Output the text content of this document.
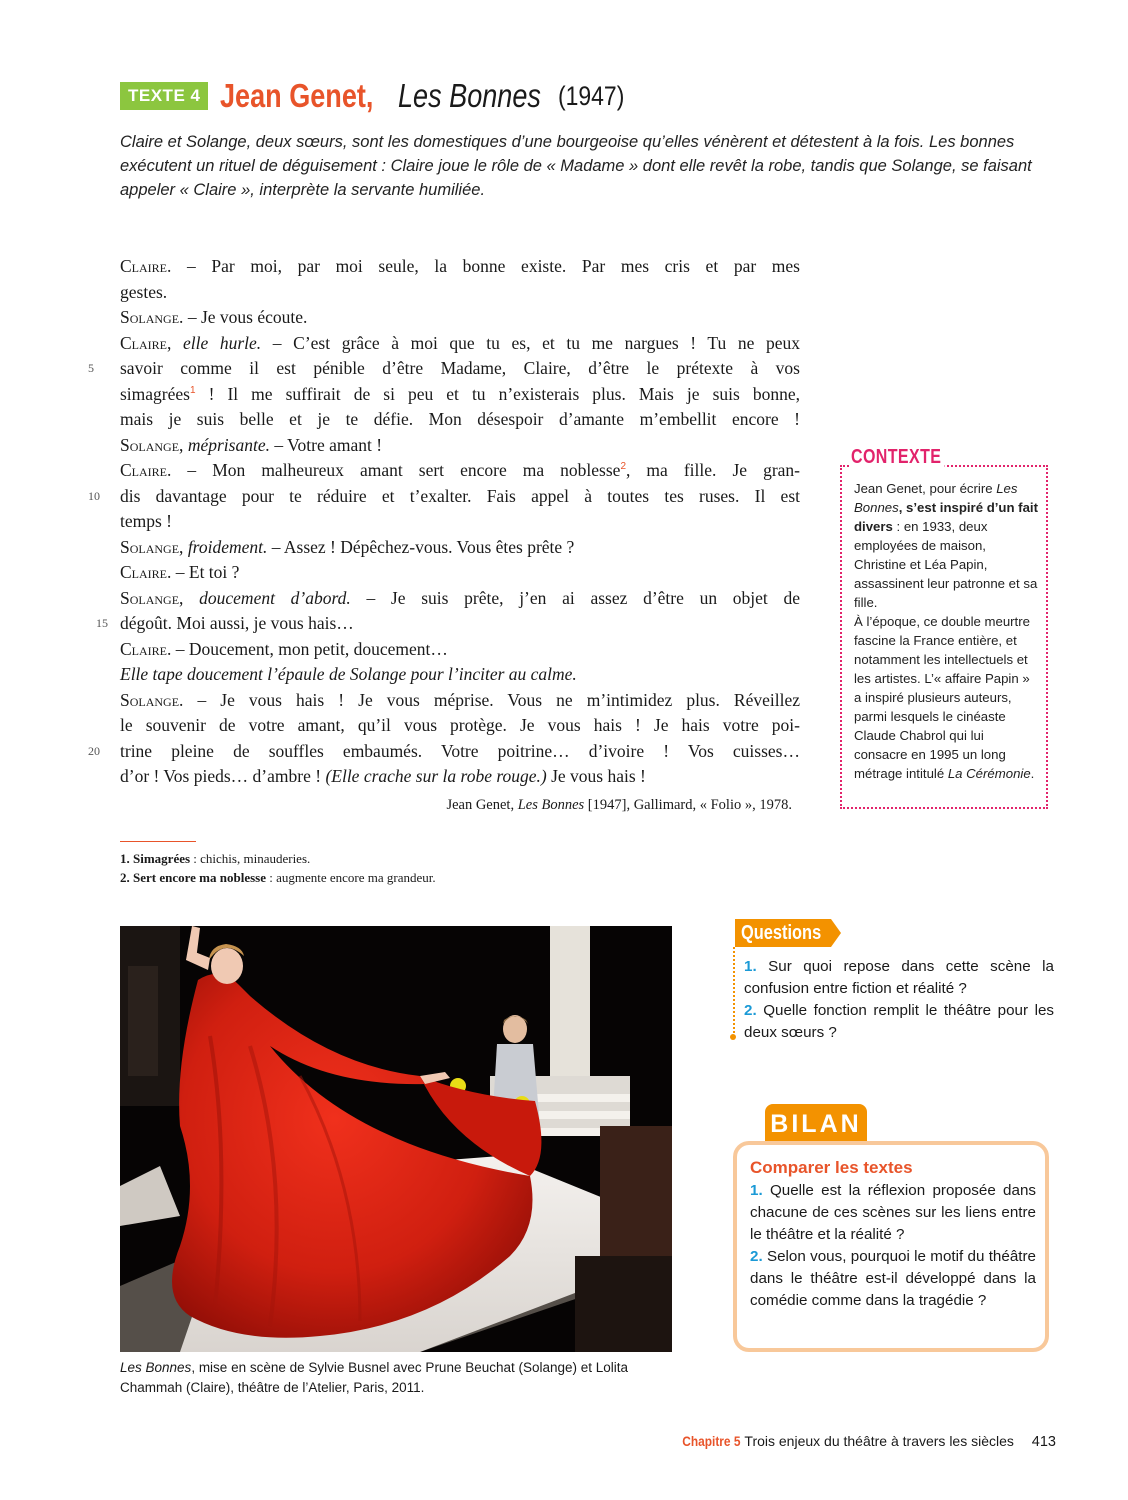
TEXTE 4 Jean Genet, Les Bonnes (1947)

Claire et Solange, deux sœurs, sont les domestiques d’une bourgeoise qu’elles vénèrent et détestent à la fois. Les bonnes exécutent un rituel de déguisement : Claire joue le rôle de « Madame » dont elle revêt la robe, tandis que Solange, se faisant appeler « Claire », interprète la servante humiliée.

Claire. – Par moi, par moi seule, la bonne existe. Par mes cris et par mes
gestes.
Solange. – Je vous écoute.
Claire, elle hurle. – C’est grâce à moi que tu es, et tu me nargues ! Tu ne peux
5	savoir comme il est pénible d’être Madame, Claire, d’être le prétexte à vos
simagrées$^1$ ! Il me suffirait de si peu et tu n’existerais plus. Mais je suis bonne,
mais je suis belle et je te défie. Mon désespoir d’amante m’embellit encore !
Solange, méprisante. – Votre amant !
Claire. – Mon malheureux amant sert encore ma noblesse$^2$, ma fille. Je gran-
10	dis davantage pour te réduire et t’exalter. Fais appel à toutes tes ruses. Il est
temps !
Solange, froidement. – Assez ! Dépêchez-vous. Vous êtes prête ?
Claire. – Et toi ?
Solange, doucement d’abord. – Je suis prête, j’en ai assez d’être un objet de
15 dégoût. Moi aussi, je vous hais…
Claire. – Doucement, mon petit, doucement…
Elle tape doucement l’épaule de Solange pour l’inciter au calme.
Solange. – Je vous hais ! Je vous méprise. Vous ne m’intimidez plus. Réveillez
le souvenir de votre amant, qu’il vous protège. Je vous hais ! Je hais votre poi-
20	trine pleine de souffles embaumés. Votre poitrine… d’ivoire ! Vos cuisses…
d’or ! Vos pieds… d’ambre ! (Elle crache sur la robe rouge.) Je vous hais !
Jean Genet, Les Bonnes [1947], Gallimard, « Folio », 1978.
1. Simagrées : chichis, minauderies.
2. Sert encore ma noblesse : augmente encore ma grandeur.
CONTEXTE

Jean Genet, pour écrire Les Bonnes, s’est inspiré d’un fait divers : en 1933, deux employées de maison, Christine et Léa Papin, assassinent leur patronne et sa fille.
À l’époque, ce double meurtre fascine la France entière, et notamment les intellectuels et les artistes. L’« affaire Papin » a inspiré plusieurs auteurs, parmi lesquels le cinéaste Claude Chabrol qui lui consacre en 1995 un long métrage intitulé La Cérémonie.

Les Bonnes, mise en scène de Sylvie Busnel avec Prune Beuchat (Solange) et Lolita Chammah (Claire), théâtre de l’Atelier, Paris, 2011.

Questions

1. Sur quoi repose dans cette scène la confusion entre fiction et réalité ?

2. Quelle fonction remplit le théâtre pour les deux sœurs ?

BILAN
Comparer les textes

1. Quelle est la réflexion proposée dans chacune de ces scènes sur les liens entre le théâtre et la réalité ?

2. Selon vous, pourquoi le motif du théâtre dans le théâtre est-il développé dans la comédie comme dans la tragédie ?

Chapitre 5 Trois enjeux du théâtre à travers les siècles 413
